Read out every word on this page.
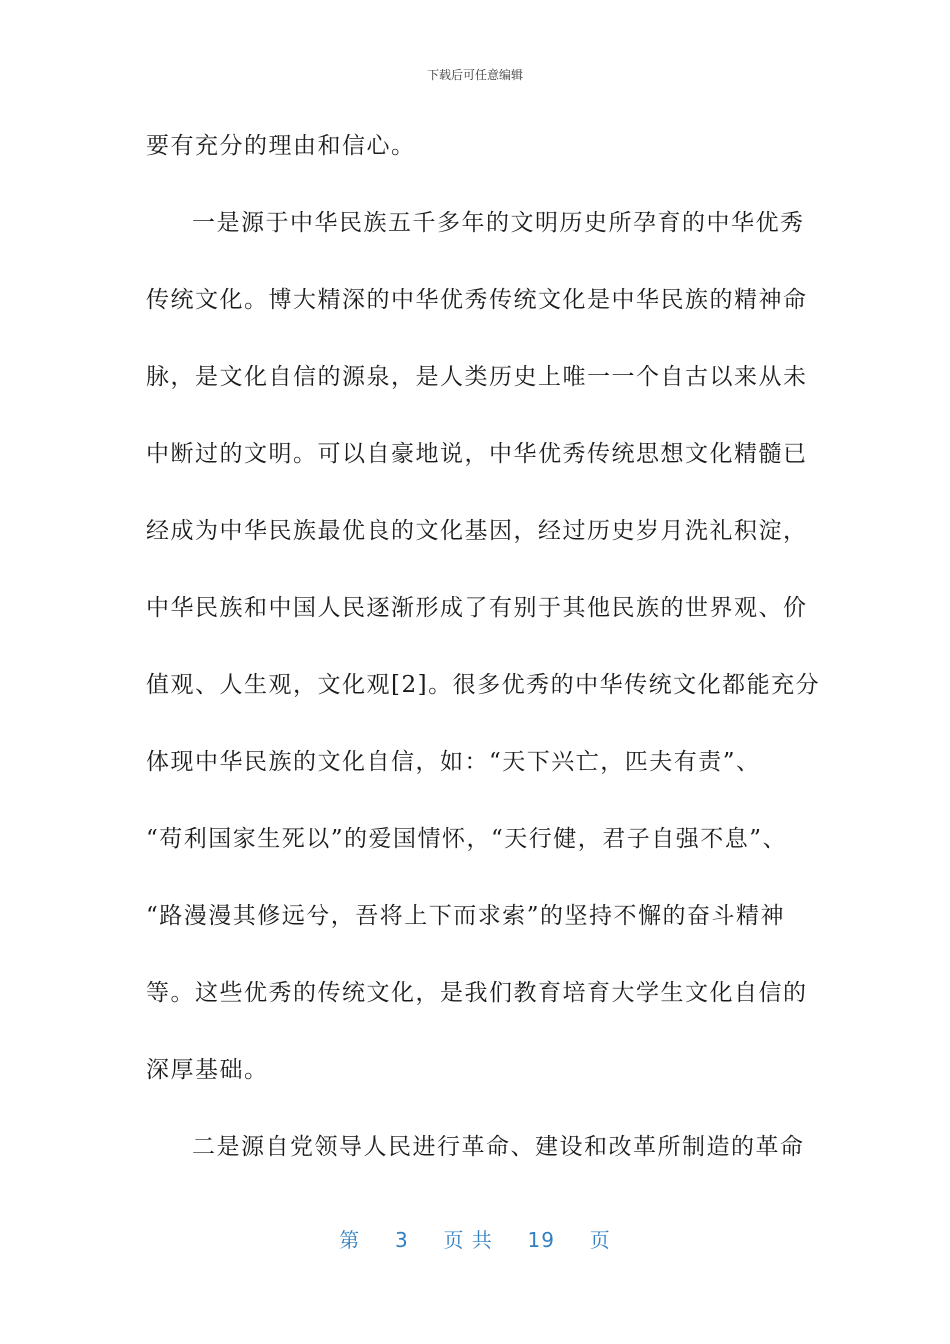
下载后可任意编辑
要有充分的理由和信心。
一是源于中华民族五千多年的文明历史所孕育的中华优秀
传统文化。博大精深的中华优秀传统文化是中华民族的精神命
脉，是文化自信的源泉，是人类历史上唯一一个自古以来从未
中断过的文明。可以自豪地说，中华优秀传统思想文化精髓已
经成为中华民族最优良的文化基因，经过历史岁月洗礼积淀，
中华民族和中国人民逐渐形成了有别于其他民族的世界观、价
值观、人生观，文化观[2]。很多优秀的中华传统文化都能充分
体现中华民族的文化自信，如：“天下兴亡，匹夫有责”、
“苟利国家生死以”的爱国情怀，“天行健，君子自强不息”、
“路漫漫其修远兮，吾将上下而求索”的坚持不懈的奋斗精神
等。这些优秀的传统文化，是我们教育培育大学生文化自信的
深厚基础。
二是源自党领导人民进行革命、建设和改革所制造的革命
第 3 页 共 19 页
